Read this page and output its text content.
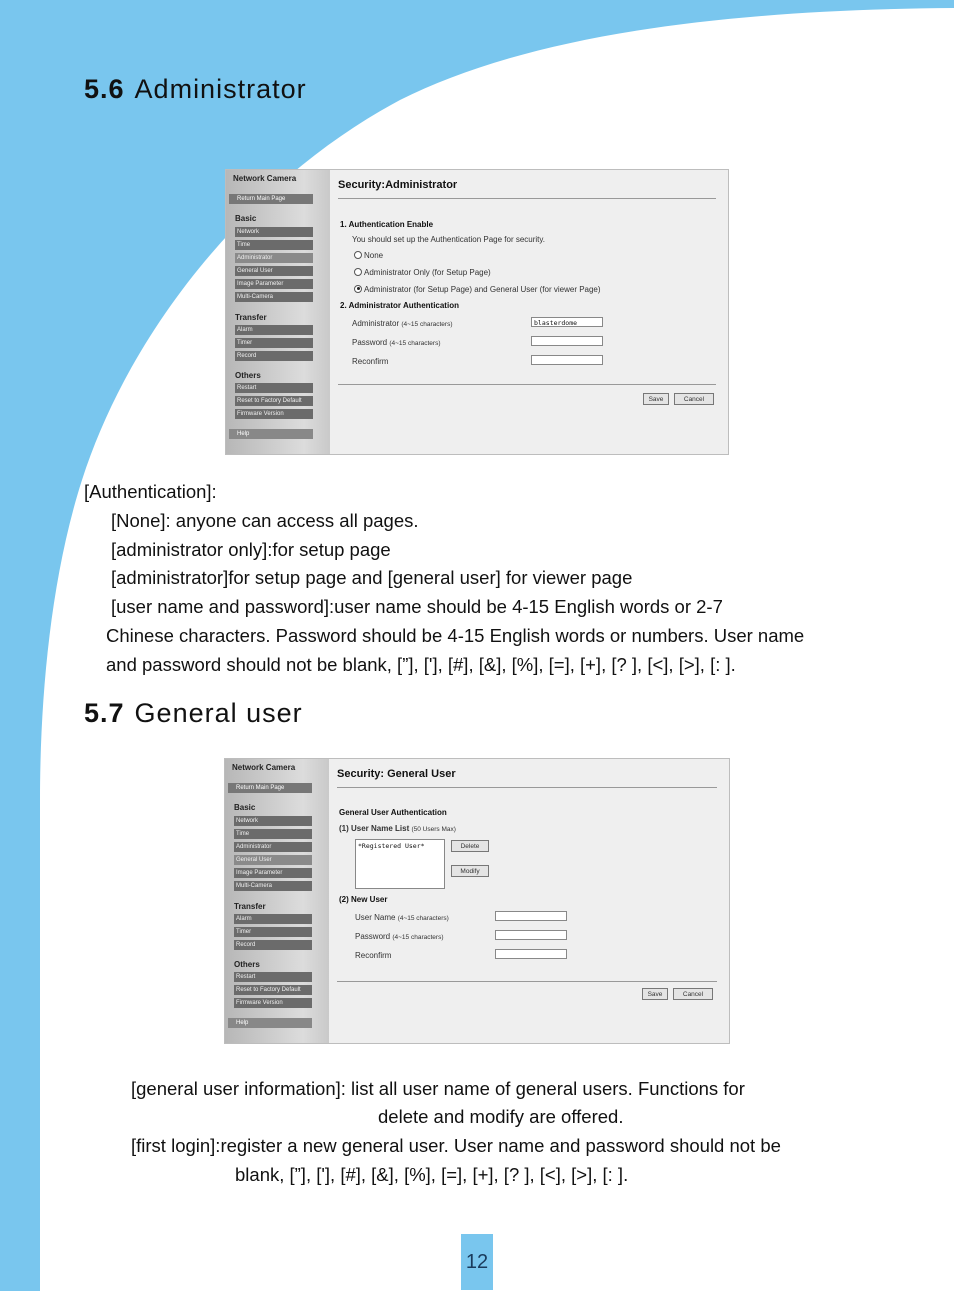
5.6 Administrator
Network Camera
Return Main Page
Basic
Network
Time
Administrator
General User
Image Parameter
Multi-Camera
Transfer
Alarm
Timer
Record
Others
Restart
Reset to Factory Default
Firmware Version
Help
Security:Administrator
1. Authentication Enable
You should set up the Authentication Page for security.
None
Administrator Only (for Setup Page)
Administrator (for Setup Page) and General User (for viewer Page)
2. Administrator Authentication
Administrator (4~15 characters)	blasterdome
Password (4~15 characters)
Reconfirm
Save	Cancel
[Authentication]:
[None]: anyone can access all pages.
[administrator only]:for setup page
[administrator]for setup page and [general user] for viewer page
[user name and password]:user name should be 4-15 English words or 2-7
Chinese characters. Password should be 4-15 English words or numbers. User name
and password should not be blank, [”], ['], [#], [&], [%], [=], [+], [? ], [<], [>], [: ].
5.7 General user
Network Camera
Return Main Page
Basic
Network
Time
Administrator
General User
Image Parameter
Multi-Camera
Transfer
Alarm
Timer
Record
Others
Restart
Reset to Factory Default
Firmware Version
Help
Security: General User
General User Authentication
(1) User Name List (50 Users Max)
*Registered User*	Delete
Modify
(2) New User
User Name (4~15 characters)
Password (4~15 characters)
Reconfirm
Save	Cancel
[general user information]: list all user name of general users. Functions for
delete and modify are offered.
[first login]:register a new general user. User name and password should not be
blank, [”], ['], [#], [&], [%], [=], [+], [? ], [<], [>], [: ].
12
